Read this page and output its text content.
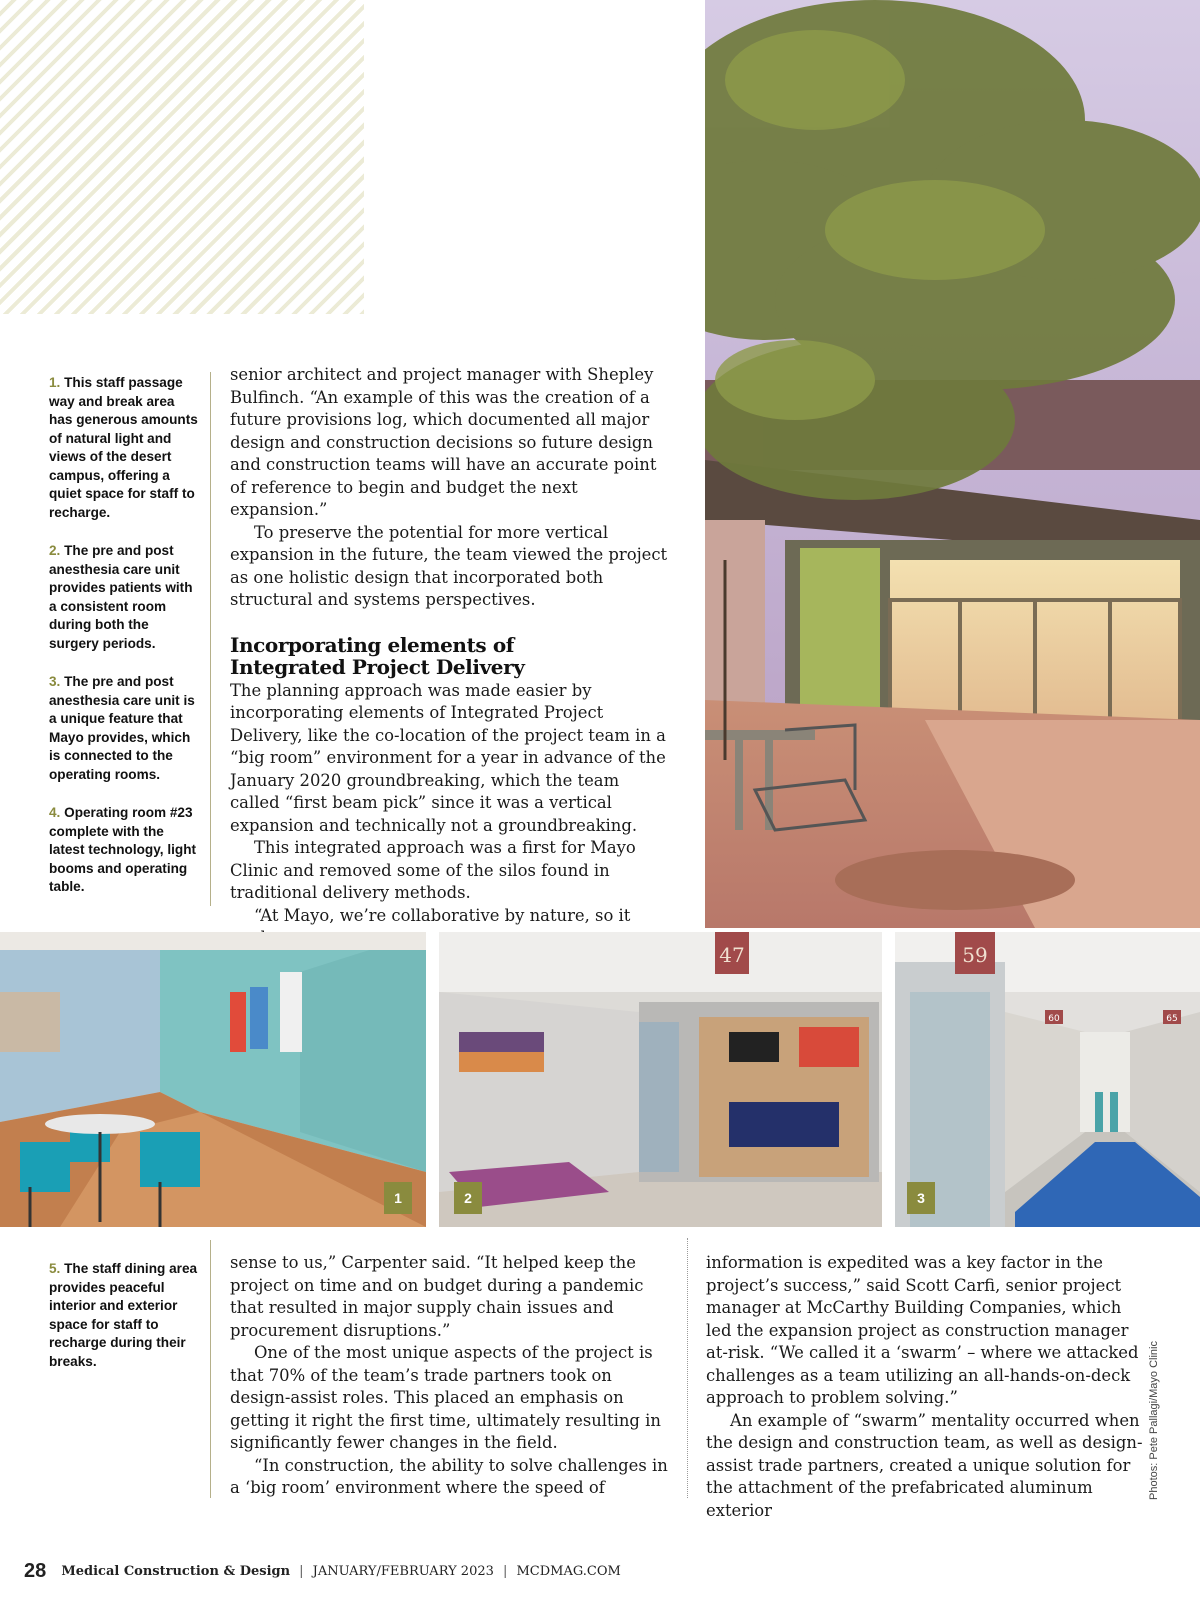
1. This staff passage way and break area has generous amounts of natural light and views of the desert campus, offering a quiet space for staff to recharge.

2. The pre and post anesthesia care unit provides patients with a consistent room during both the surgery periods.

3. The pre and post anesthesia care unit is a unique feature that Mayo provides, which is connected to the operating rooms.

4. Operating room #23 complete with the latest technology, light booms and operating table.

senior architect and project manager with Shepley Bulfinch. “An example of this was the creation of a future provisions log, which documented all major design and construction decisions so future design and construction teams will have an accurate point of reference to begin and budget the next expansion.”

To preserve the potential for more vertical expansion in the future, the team viewed the project as one holistic design that incorporated both structural and systems perspectives.

Incorporating elements of
Integrated Project Delivery

The planning approach was made easier by incorporating elements of Integrated Project Delivery, like the co-location of the project team in a “big room” environment for a year in advance of the January 2020 groundbreaking, which the team called “first beam pick” since it was a vertical expansion and technically not a groundbreaking.

This integrated approach was a first for Mayo Clinic and removed some of the silos found in traditional delivery methods.

“At Mayo, we’re collaborative by nature, so it

1
47
2
59
60	65
3

5. The staff dining area provides peaceful interior and exterior space for staff to recharge during their breaks.

sense to us,” Carpenter said. “It helped keep the project on time and on budget during a pandemic that resulted in major supply chain issues and procurement disruptions.”

One of the most unique aspects of the project is that 70% of the team’s trade partners took on design-assist roles. This placed an emphasis on getting it right the first time, ultimately resulting in significantly fewer changes in the field.

“In construction, the ability to solve challenges in a ‘big room’ environment where the speed of

information is expedited was a key factor in the project’s success,” said Scott Carfi, senior project manager at McCarthy Building Companies, which led the expansion project as construction manager at-risk. “We called it a ‘swarm’ – where we attacked challenges as a team utilizing an all-hands-on-deck approach to problem solving.”

An example of “swarm” mentality occurred when the design and construction team, as well as design-assist trade partners, created a unique solution for the attachment of the prefabricated aluminum exterior

Photos: Pete Pallagi/Mayo Clinic
28 Medical Construction & Design | JANUARY/FEBRUARY 2023 | MCDMAG.COM
